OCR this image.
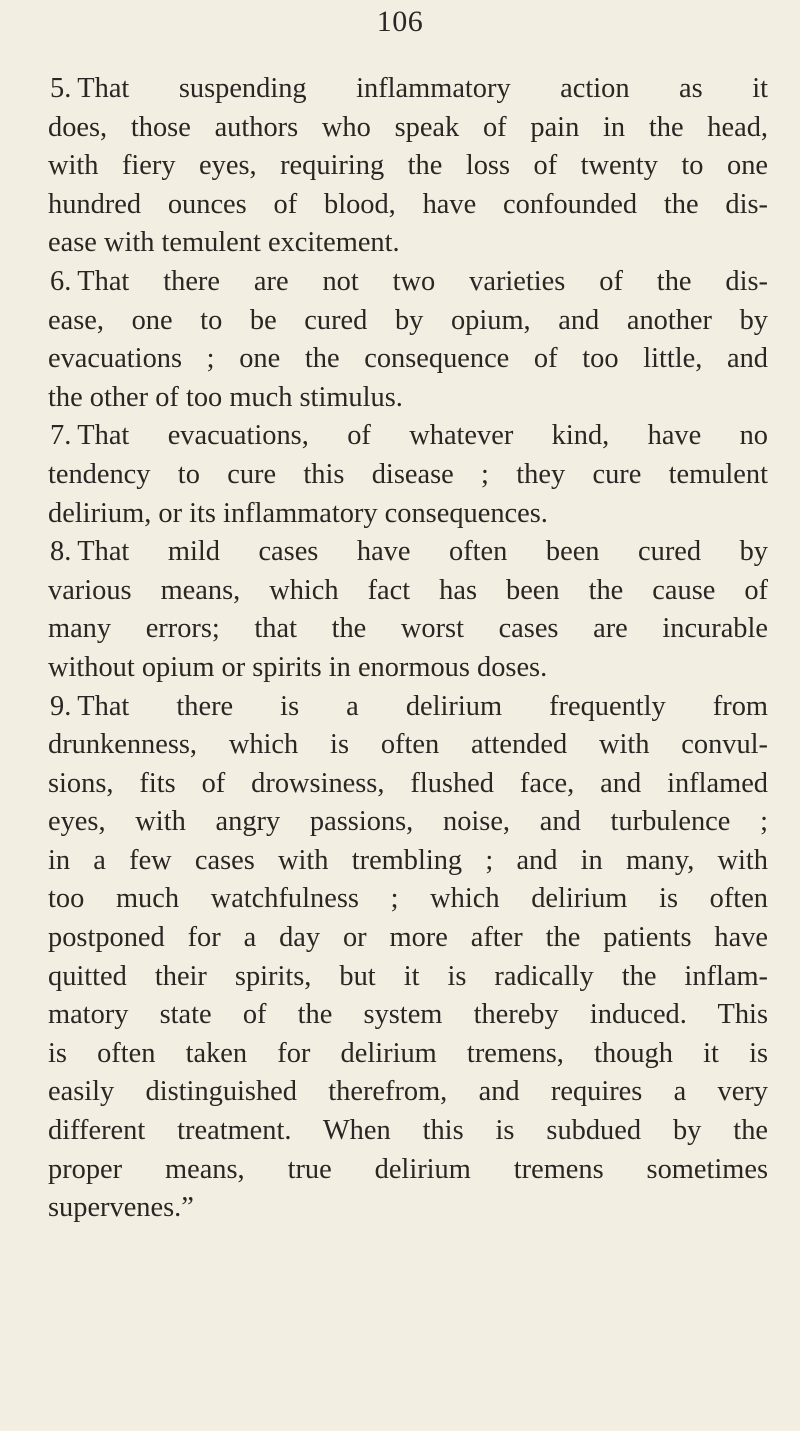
106
5. That suspending inflammatory action as it
does, those authors who speak of pain in the head,
with fiery eyes, requiring the loss of twenty to one
hundred ounces of blood, have confounded the dis-
ease with temulent excitement.
6. That there are not two varieties of the dis-
ease, one to be cured by opium, and another by
evacuations ; one the consequence of too little, and
the other of too much stimulus.
7. That evacuations, of whatever kind, have no
tendency to cure this disease ; they cure temulent
delirium, or its inflammatory consequences.
8. That mild cases have often been cured by
various means, which fact has been the cause of
many errors; that the worst cases are incurable
without opium or spirits in enormous doses.
9. That there is a delirium frequently from
drunkenness, which is often attended with convul-
sions, fits of drowsiness, flushed face, and inflamed
eyes, with angry passions, noise, and turbulence ;
in a few cases with trembling ; and in many, with
too much watchfulness ; which delirium is often
postponed for a day or more after the patients have
quitted their spirits, but it is radically the inflam-
matory state of the system thereby induced. This
is often taken for delirium tremens, though it is
easily distinguished therefrom, and requires a very
different treatment. When this is subdued by the
proper means, true delirium tremens sometimes
supervenes.”
